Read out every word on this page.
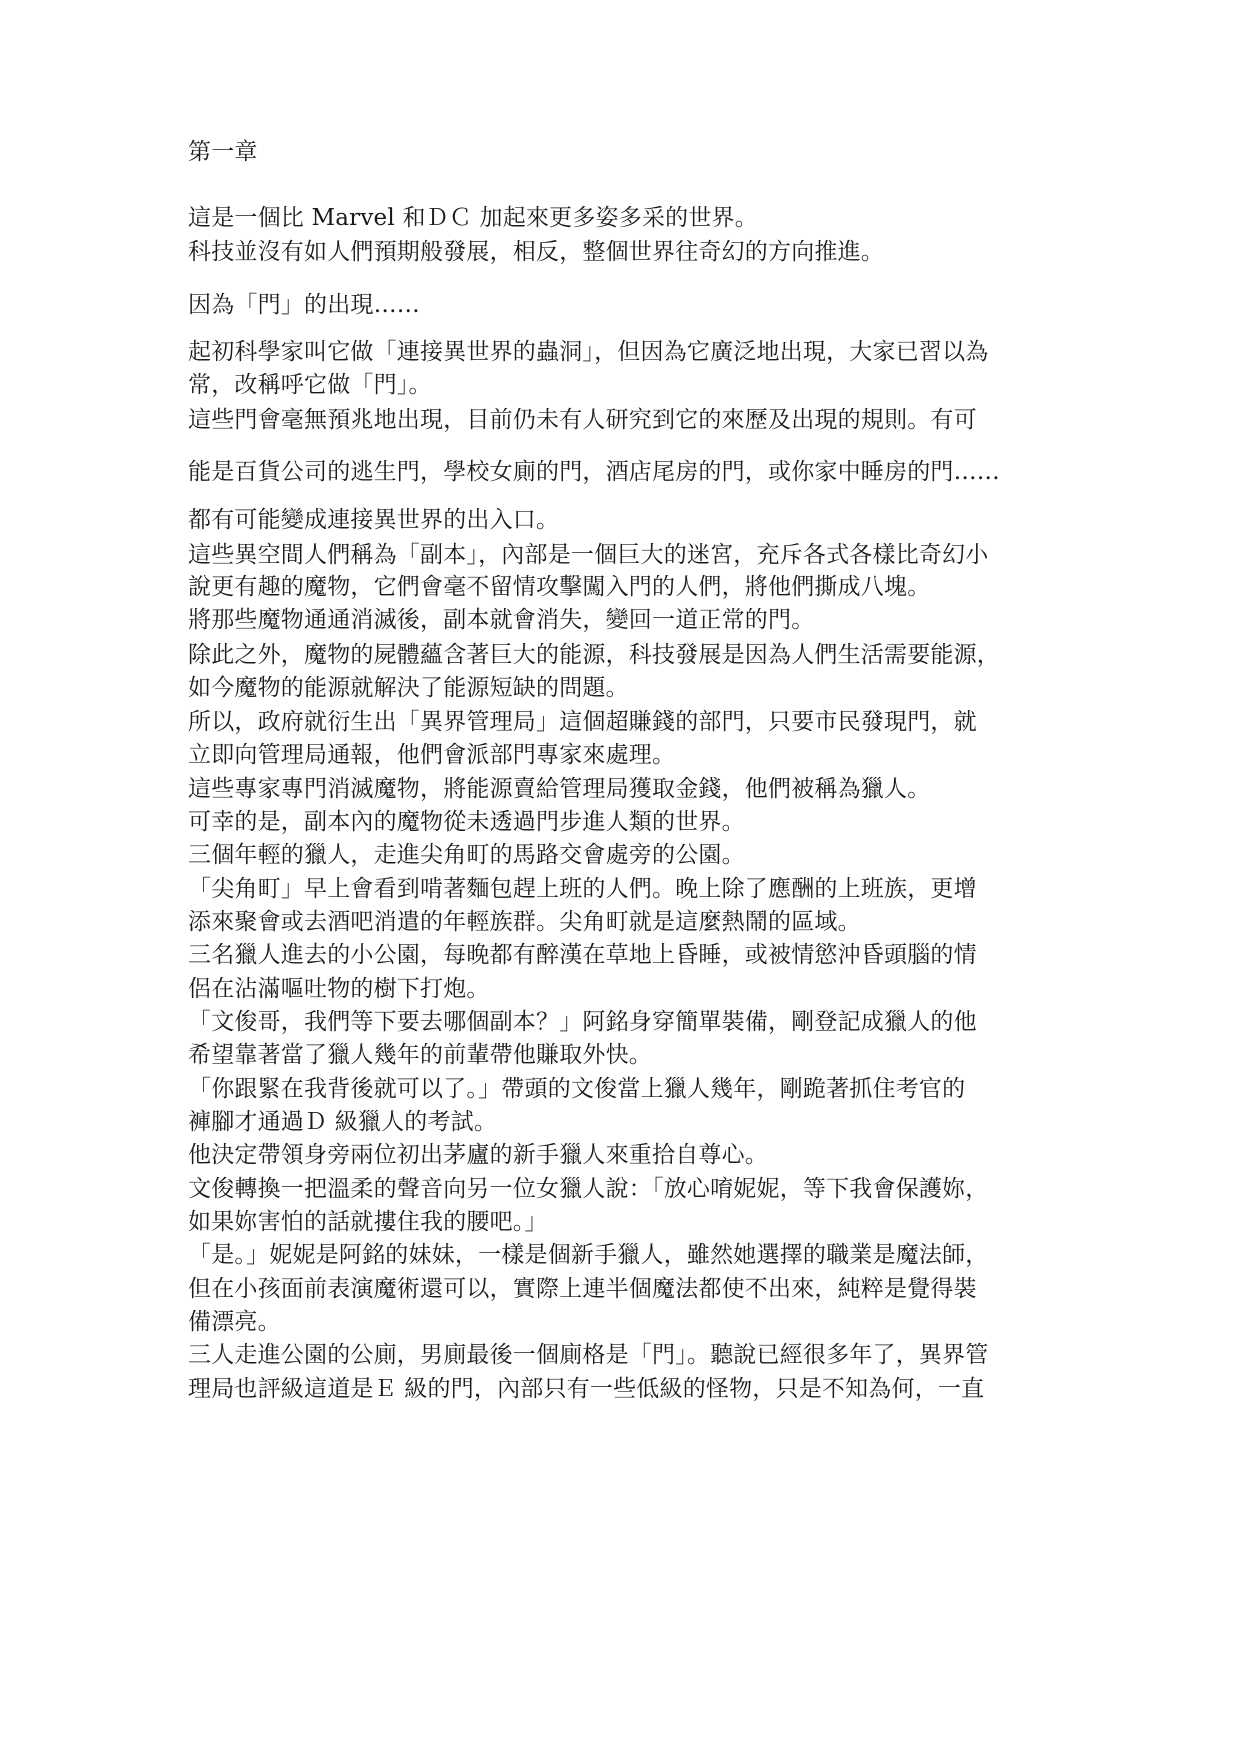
第一章
這是一個比 Marvel 和ＤＣ 加起來更多姿多采的世界。
科技並沒有如人們預期般發展，相反，整個世界往奇幻的方向推進。
因為「門」的出現……
起初科學家叫它做「連接異世界的蟲洞」，但因為它廣泛地出現，大家已習以為
常，改稱呼它做「門」。
這些門會毫無預兆地出現，目前仍未有人研究到它的來歷及出現的規則。有可
能是百貨公司的逃生門，學校女廁的門，酒店尾房的門，或你家中睡房的門……
都有可能變成連接異世界的出入口。
這些異空間人們稱為「副本」，內部是一個巨大的迷宮，充斥各式各樣比奇幻小
說更有趣的魔物，它們會毫不留情攻擊闖入門的人們，將他們撕成八塊。
將那些魔物通通消滅後，副本就會消失，變回一道正常的門。
除此之外，魔物的屍體蘊含著巨大的能源，科技發展是因為人們生活需要能源，
如今魔物的能源就解決了能源短缺的問題。
所以，政府就衍生出「異界管理局」這個超賺錢的部門，只要市民發現門，就
立即向管理局通報，他們會派部門專家來處理。
這些專家專門消滅魔物，將能源賣給管理局獲取金錢，他們被稱為獵人。
可幸的是，副本內的魔物從未透過門步進人類的世界。
三個年輕的獵人，走進尖角町的馬路交會處旁的公園。
「尖角町」早上會看到啃著麵包趕上班的人們。晚上除了應酬的上班族，更增
添來聚會或去酒吧消遣的年輕族群。尖角町就是這麼熱鬧的區域。
三名獵人進去的小公園，每晚都有醉漢在草地上昏睡，或被情慾沖昏頭腦的情
侶在沾滿嘔吐物的樹下打炮。
「文俊哥，我們等下要去哪個副本？」阿銘身穿簡單裝備，剛登記成獵人的他
希望靠著當了獵人幾年的前輩帶他賺取外快。
「你跟緊在我背後就可以了。」帶頭的文俊當上獵人幾年，剛跪著抓住考官的
褲腳才通過Ｄ 級獵人的考試。
他決定帶領身旁兩位初出茅廬的新手獵人來重拾自尊心。
文俊轉換一把溫柔的聲音向另一位女獵人說：「放心唷妮妮，等下我會保護妳，
如果妳害怕的話就摟住我的腰吧。」
「是。」妮妮是阿銘的妹妹，一樣是個新手獵人，雖然她選擇的職業是魔法師，
但在小孩面前表演魔術還可以，實際上連半個魔法都使不出來，純粹是覺得裝
備漂亮。
三人走進公園的公廁，男廁最後一個廁格是「門」。聽說已經很多年了，異界管
理局也評級這道是Ｅ 級的門，內部只有一些低級的怪物，只是不知為何，一直
